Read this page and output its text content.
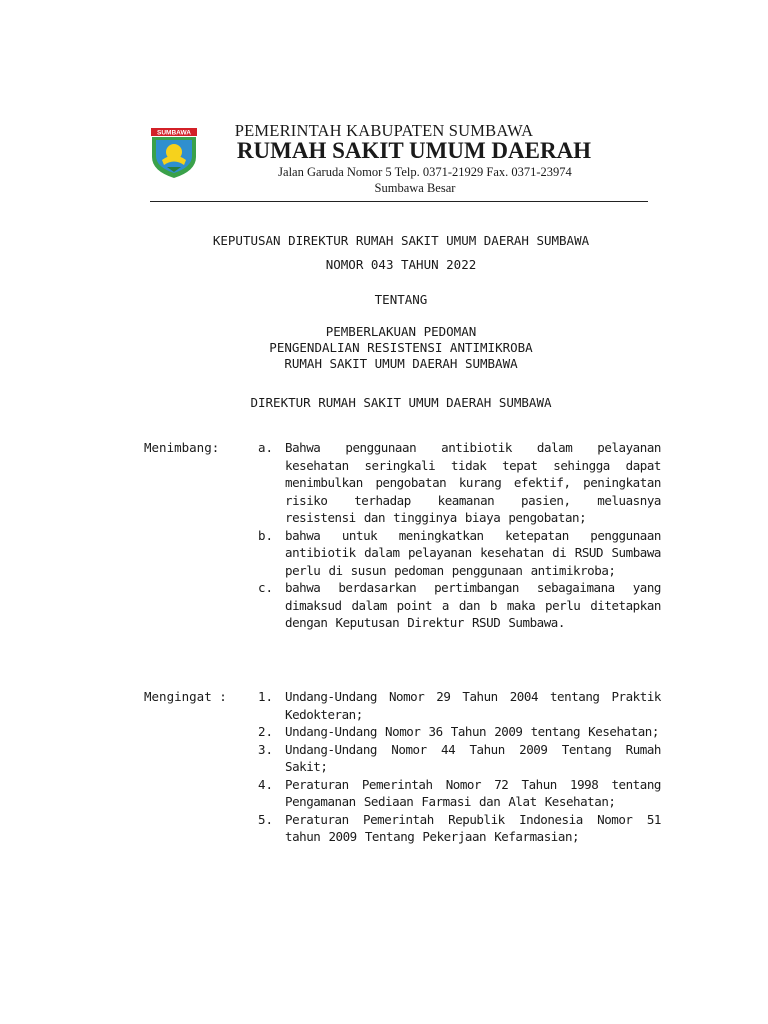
SUMBAWA	PEMERINTAH KABUPATEN SUMBAWA
RUMAH SAKIT UMUM DAERAH
Jalan Garuda Nomor 5 Telp. 0371-21929 Fax. 0371-23974
Sumbawa Besar
KEPUTUSAN DIREKTUR RUMAH SAKIT UMUM DAERAH SUMBAWA
NOMOR 043 TAHUN 2022
TENTANG
PEMBERLAKUAN PEDOMAN
PENGENDALIAN RESISTENSI ANTIMIKROBA
RUMAH SAKIT UMUM DAERAH SUMBAWA
DIREKTUR RUMAH SAKIT UMUM DAERAH SUMBAWA
Menimbang:	a. Bahwa penggunaan antibiotik dalam pelayanan kesehatan seringkali tidak tepat sehingga dapat menimbulkan pengobatan kurang efektif, peningkatan risiko terhadap keamanan pasien, meluasnya resistensi dan tingginya biaya pengobatan;
b. bahwa untuk meningkatkan ketepatan penggunaan antibiotik dalam pelayanan kesehatan di RSUD Sumbawa perlu di susun pedoman penggunaan antimikroba;
c. bahwa berdasarkan pertimbangan sebagaimana yang dimaksud dalam point a dan b maka perlu ditetapkan dengan Keputusan Direktur RSUD Sumbawa.
Mengingat : 1. Undang-Undang Nomor 29 Tahun 2004 tentang Praktik Kedokteran;
2. Undang-Undang Nomor 36 Tahun 2009 tentang Kesehatan;
3. Undang-Undang Nomor 44 Tahun 2009 Tentang Rumah Sakit;
4. Peraturan Pemerintah Nomor 72 Tahun 1998 tentang Pengamanan Sediaan Farmasi dan Alat Kesehatan;
5. Peraturan Pemerintah Republik Indonesia Nomor 51 tahun 2009 Tentang Pekerjaan Kefarmasian;
